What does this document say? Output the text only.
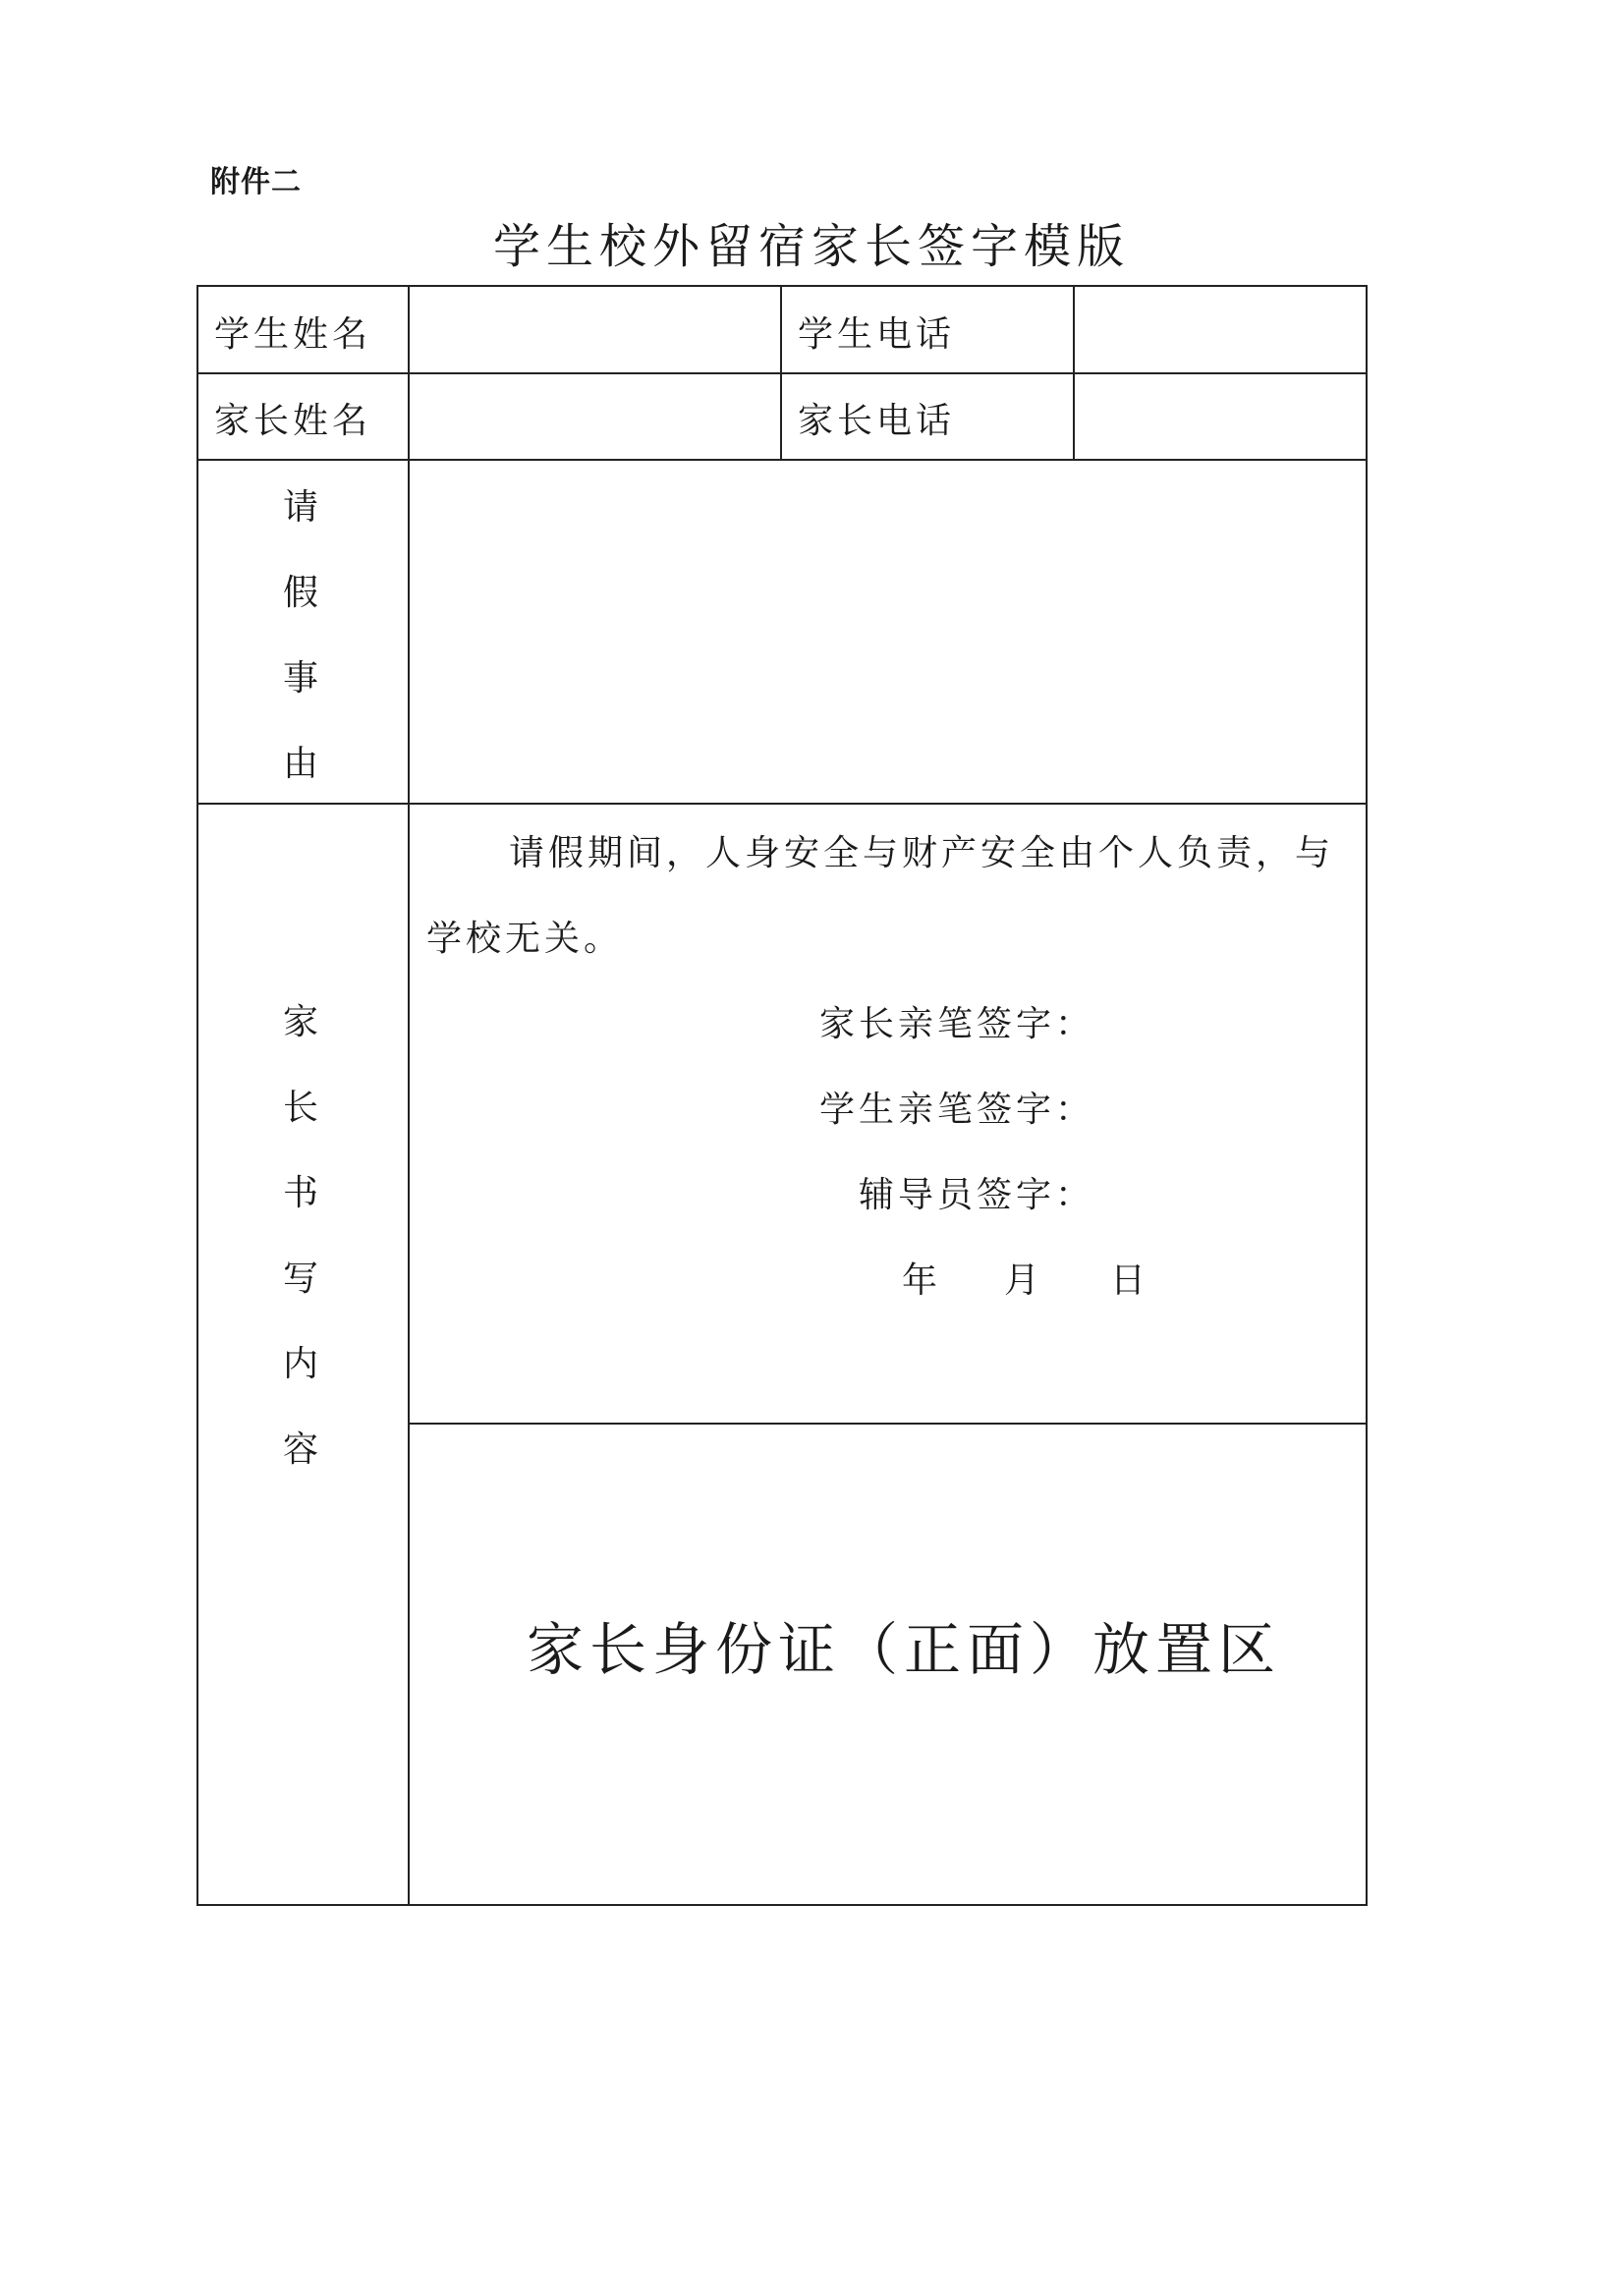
附件二
学生校外留宿家长签字模版
学生姓名	学生电话
家长姓名	家长电话
请
假
事
由
家
长
书
写
内
容
请假期间，人身安全与财产安全由个人负责，与
学校无关。
家长亲笔签字：
学生亲笔签字：
辅导员签字：
年 月 日
家长身份证（正面）放置区
